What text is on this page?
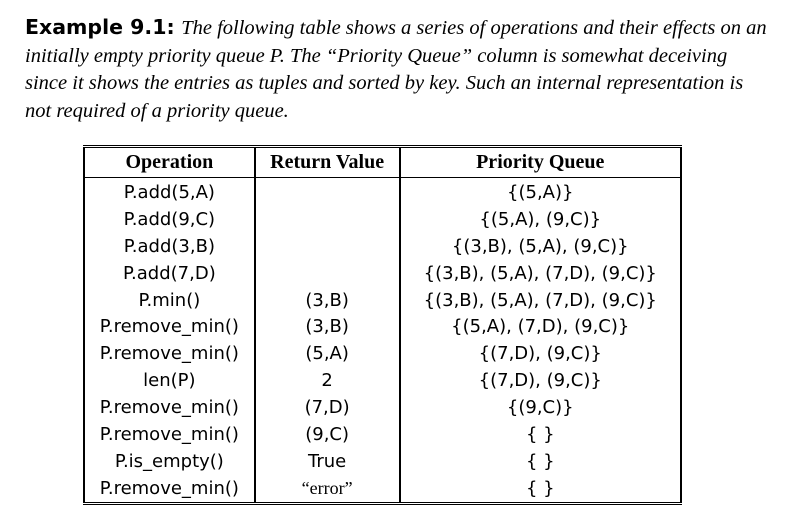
Example 9.1: The following table shows a series of operations and their effects on an initially empty priority queue P. The “Priority Queue” column is somewhat deceiving since it shows the entries as tuples and sorted by key. Such an internal representation is not required of a priority queue.
Operation	Return Value	Priority Queue
P.add(5,A)		{(5,A)}
P.add(9,C)		{(5,A), (9,C)}
P.add(3,B)		{(3,B), (5,A), (9,C)}
P.add(7,D)		{(3,B), (5,A), (7,D), (9,C)}
P.min()	(3,B)	{(3,B), (5,A), (7,D), (9,C)}
P.remove_min()	(3,B)	{(5,A), (7,D), (9,C)}
P.remove_min()	(5,A)	{(7,D), (9,C)}
len(P)	2	{(7,D), (9,C)}
P.remove_min()	(7,D)	{(9,C)}
P.remove_min()	(9,C)	{ }
P.is_empty()	True	{ }
P.remove_min()	“error”	{ }
